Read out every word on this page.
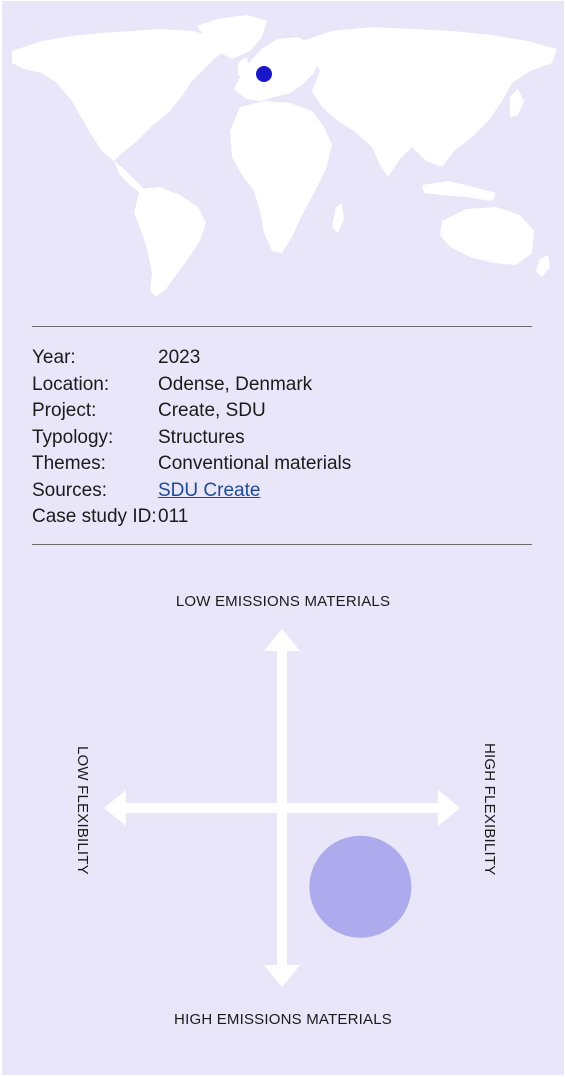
Year:	2023
Location:	Odense, Denmark
Project:	Create, SDU
Typology:	Structures
Themes:	Conventional materials
Sources:	SDU Create
Case study ID: 011
LOW EMISSIONS MATERIALS
LOW FLEXIBILITY	HIGH FLEXIBILITY
HIGH EMISSIONS MATERIALS
